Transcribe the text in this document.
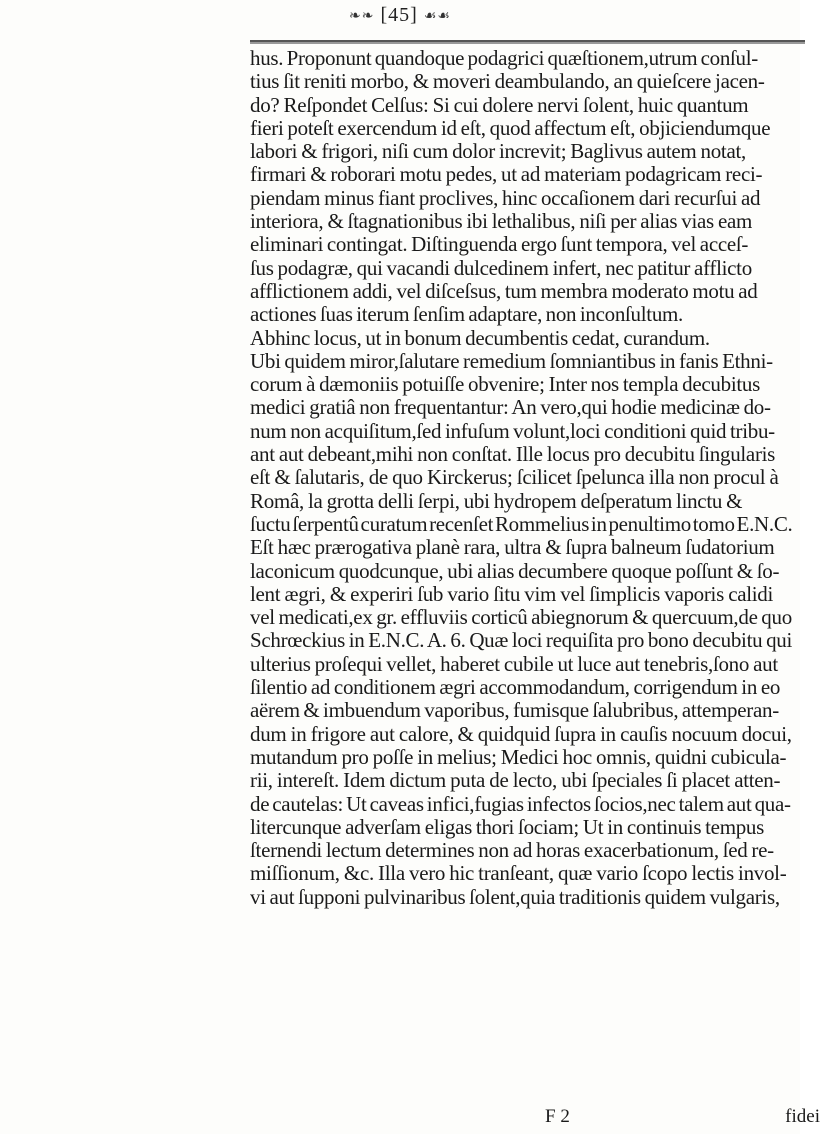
❧❧ [45] ☙☙
hus. Proponunt quandoque podagrici quæſtionem,utrum conſul-
tius ſit reniti morbo, & moveri deambulando, an quieſcere jacen-
do? Reſpondet Celſus: Si cui dolere nervi ſolent, huic quantum
fieri poteſt exercendum id eſt, quod affectum eſt, objiciendumque
labori & frigori, niſi cum dolor increvit; Baglivus autem notat,
firmari & roborari motu pedes, ut ad materiam podagricam reci-
piendam minus fiant proclives, hinc occaſionem dari recurſui ad
interiora, & ſtagnationibus ibi lethalibus, niſi per alias vias eam
eliminari contingat. Diſtinguenda ergo ſunt tempora, vel acceſ-
ſus podagræ, qui vacandi dulcedinem infert, nec patitur afflicto
afflictionem addi, vel diſceſsus, tum membra moderato motu ad
actiones ſuas iterum ſenſim adaptare, non inconſultum.
Abhinc locus, ut in bonum decumbentis cedat, curandum.
Ubi quidem miror,ſalutare remedium ſomniantibus in fanis Ethni-
corum à dæmoniis potuiſſe obvenire; Inter nos templa decubitus
medici gratiâ non frequentantur: An vero,qui hodie medicinæ do-
num non acquiſitum,ſed infuſum volunt,loci conditioni quid tribu-
ant aut debeant,mihi non conſtat. Ille locus pro decubitu ſingularis
eſt & ſalutaris, de quo Kirckerus; ſcilicet ſpelunca illa non procul à
Româ, la grotta delli ſerpi, ubi hydropem deſperatum linctu &
ſuctu ſerpentû curatum recenſet Rommelius in penultimo tomo E.N.C.
Eſt hæc prærogativa planè rara, ultra & ſupra balneum ſudatorium
laconicum quodcunque, ubi alias decumbere quoque poſſunt & ſo-
lent ægri, & experiri ſub vario ſitu vim vel ſimplicis vaporis calidi
vel medicati,ex gr. effluviis corticû abiegnorum & quercuum,de quo
Schrœckius in E.N.C. A. 6. Quæ loci requiſita pro bono decubitu qui
ulterius proſequi vellet, haberet cubile ut luce aut tenebris,ſono aut
ſilentio ad conditionem ægri accommodandum, corrigendum in eo
aërem & imbuendum vaporibus, fumisque ſalubribus, attemperan-
dum in frigore aut calore, & quidquid ſupra in cauſis nocuum docui,
mutandum pro poſſe in melius; Medici hoc omnis, quidni cubicula-
rii, intereſt. Idem dictum puta de lecto, ubi ſpeciales ſi placet atten-
de cautelas: Ut caveas infici,fugias infectos ſocios,nec talem aut qua-
litercunque adverſam eligas thori ſociam; Ut in continuis tempus
ſternendi lectum determines non ad horas exacerbationum, ſed re-
miſſionum, &c. Illa vero hic tranſeant, quæ vario ſcopo lectis invol-
vi aut ſupponi pulvinaribus ſolent,quia traditionis quidem vulgaris,
F 2	fidei
